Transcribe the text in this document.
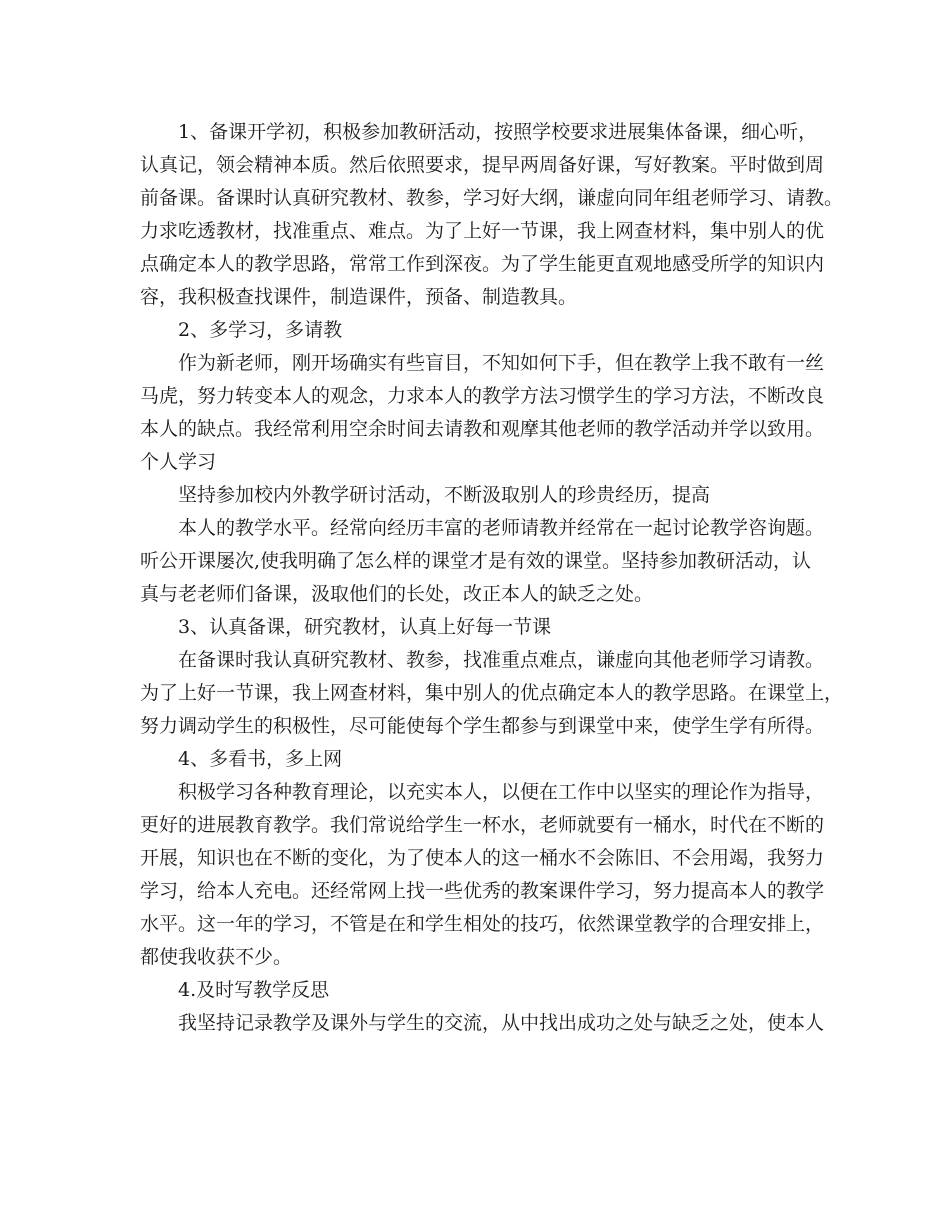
1、备课开学初，积极参加教研活动，按照学校要求进展集体备课，细心听，
认真记，领会精神本质。然后依照要求，提早两周备好课，写好教案。平时做到周
前备课。备课时认真研究教材、教参，学习好大纲，谦虚向同年组老师学习、请教。
力求吃透教材，找准重点、难点。为了上好一节课，我上网查材料，集中别人的优
点确定本人的教学思路，常常工作到深夜。为了学生能更直观地感受所学的知识内
容，我积极查找课件，制造课件，预备、制造教具。
2、多学习，多请教
作为新老师，刚开场确实有些盲目，不知如何下手，但在教学上我不敢有一丝
马虎，努力转变本人的观念，力求本人的教学方法习惯学生的学习方法，不断改良
本人的缺点。我经常利用空余时间去请教和观摩其他老师的教学活动并学以致用。
个人学习
坚持参加校内外教学研讨活动，不断汲取别人的珍贵经历，提高
本人的教学水平。经常向经历丰富的老师请教并经常在一起讨论教学咨询题。
听公开课屡次,使我明确了怎么样的课堂才是有效的课堂。坚持参加教研活动，认
真与老老师们备课，汲取他们的长处，改正本人的缺乏之处。
3、认真备课，研究教材，认真上好每一节课
在备课时我认真研究教材、教参，找准重点难点，谦虚向其他老师学习请教。
为了上好一节课，我上网查材料，集中别人的优点确定本人的教学思路。在课堂上，
努力调动学生的积极性，尽可能使每个学生都参与到课堂中来，使学生学有所得。
4、多看书，多上网
积极学习各种教育理论，以充实本人，以便在工作中以坚实的理论作为指导，
更好的进展教育教学。我们常说给学生一杯水，老师就要有一桶水，时代在不断的
开展，知识也在不断的变化，为了使本人的这一桶水不会陈旧、不会用竭，我努力
学习，给本人充电。还经常网上找一些优秀的教案课件学习，努力提高本人的教学
水平。这一年的学习，不管是在和学生相处的技巧，依然课堂教学的合理安排上，
都使我收获不少。
4.及时写教学反思
我坚持记录教学及课外与学生的交流，从中找出成功之处与缺乏之处，使本人
